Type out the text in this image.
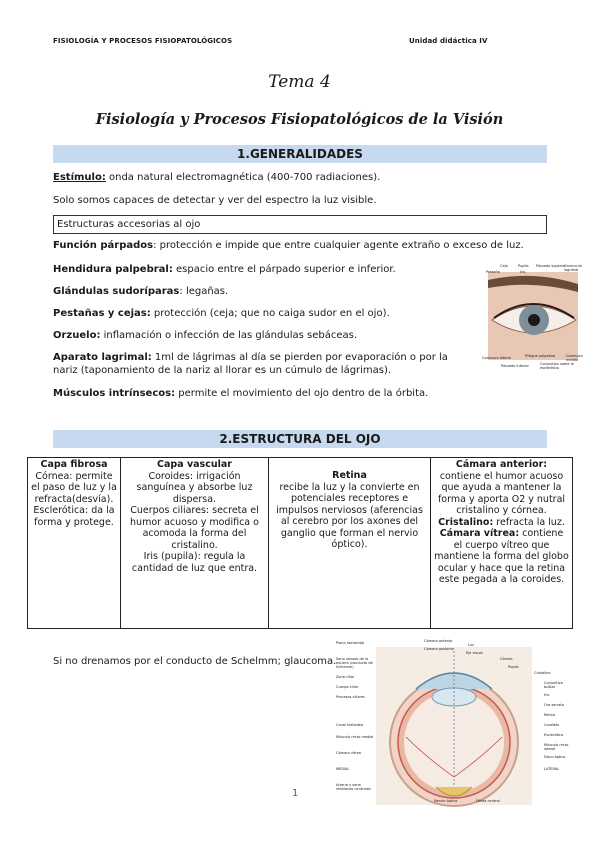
FISIOLOGÍA Y PROCESOS FISIOPATOLÓGICOS	Unidad didáctica IV
Tema 4
Fisiología y Procesos Fisiopatológicos de la Visión
1.GENERALIDADES
Estímulo: onda natural electromagnética (400-700 radiaciones).
Solo somos capaces de detectar y ver del espectro la luz visible.
Estructuras accesorias al ojo
Función párpados: protección e impide que entre cualquier agente extraño o exceso de luz.
Hendidura palpebral: espacio entre el párpado superior e inferior.
Glándulas sudoríparas: legañas.
Pestañas y cejas: protección (ceja; que no caiga sudor en el ojo).
Orzuelo: inflamación o infección de las glándulas sebáceas.
Aparato lagrimal: 1ml de lágrimas al día se pierden por evaporación o por la nariz (taponamiento de la nariz al llorar es un cúmulo de lágrimas).
Músculos intrínsecos: permite el movimiento del ojo dentro de la órbita.
Ceja	Pupila Párpado superior
Carúncula lagrimal
Pestaña	Iris
Comisura lateral	Pliegue palpebral
Párpado inferior	Conjuntiva sobre la esclerótica
Comisura medial
2.ESTRUCTURA DEL OJO
Capa fibrosa
Córnea: permite el paso de luz y la refracta(desvía).
Esclerótica: da la forma y protege.

Capa vascular
Coroides: irrigación sanguínea y absorbe luz dispersa.
Cuerpos ciliares: secreta el humor acuoso y modifica o acomoda la forma del cristalino.
Iris (pupila): regula la cantidad de luz que entra.

Retina
recibe la luz y la convierte en potenciales receptores e impulsos nerviosos (aferencias al cerebro por los axones del ganglio que forman el nervio óptico).

Cámara anterior: contiene el humor acuoso que ayuda a mantener la forma y aporta O2 y nutral cristalino y córnea.
Cristalino: refracta la luz.
Cámara vítrea: contiene el cuerpo vítreo que mantiene la forma del globo ocular y hace que la retina este pegada a la coroides.
Si no drenamos por el conducto de Schelmm; glaucoma.
Plano horizontal
Seno venoso de la esclera (conducto de Schlemm)
Zona ciliar
Cuerpo ciliar
Procesos ciliares
Canal hialoideo
Músculo recto medial
Cámara vítrea
MEDIAL
Arteria y vena retinianas centrales
Cámara anterior
Cámara posterior
Luz
Eje visual
Córnea
Pupila
Cristalino
Conjuntiva bulbar
Iris
Ora serrata
Retina
Coroides
Esclerótica
Músculo recto lateral
Disco óptico
LATERAL
Nervio óptico	Fóvea central
1
